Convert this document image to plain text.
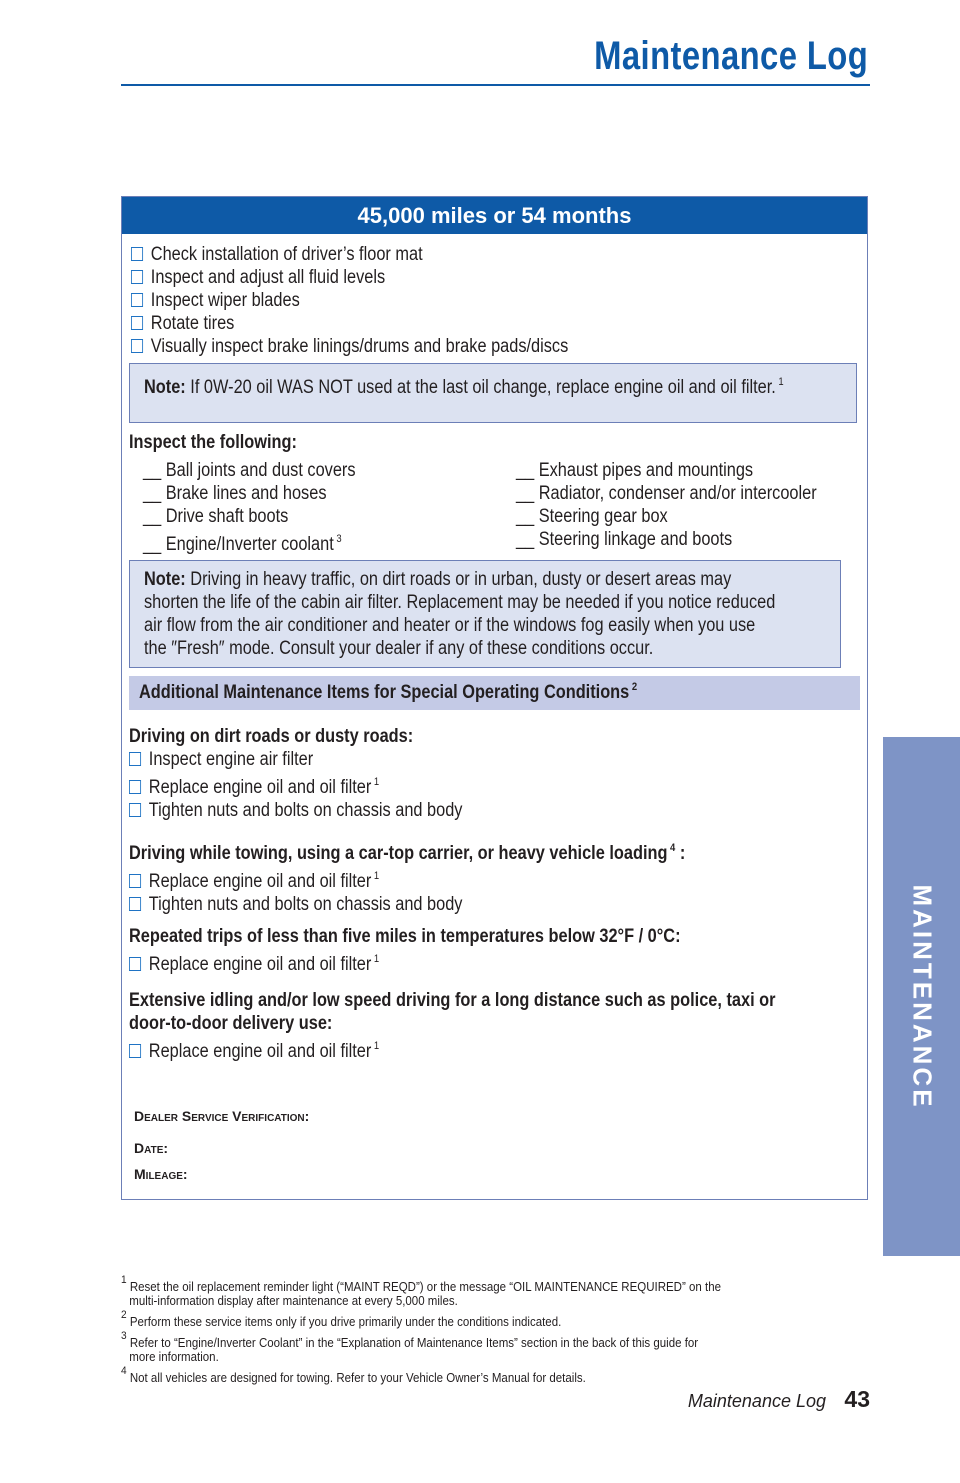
Maintenance Log
MAINTENANCE
45,000 miles or 54 months
Check installation of driver’s floor mat
Inspect and adjust all fluid levels
Inspect wiper blades
Rotate tires
Visually inspect brake linings/drums and brake pads/discs
Note: If 0W-20 oil WAS NOT used at the last oil change, replace engine oil and oil filter. $^1$
Inspect the following:
__ Ball joints and dust covers
__ Brake lines and hoses
__ Drive shaft boots
__ Engine/Inverter coolant $^3$
__ Exhaust pipes and mountings
__ Radiator, condenser and/or intercooler
__ Steering gear box
__ Steering linkage and boots
Note: Driving in heavy traffic, on dirt roads or in urban, dusty or desert areas may
shorten the life of the cabin air filter. Replacement may be needed if you notice reduced
air flow from the air conditioner and heater or if the windows fog easily when you use
the ″Fresh″ mode. Consult your dealer if any of these conditions occur.
Additional Maintenance Items for Special Operating Conditions $^2$
Driving on dirt roads or dusty roads:
Inspect engine air filter
Replace engine oil and oil filter $^1$
Tighten nuts and bolts on chassis and body
Driving while towing, using a car-top carrier, or heavy vehicle loading $^4$ :
Replace engine oil and oil filter $^1$
Tighten nuts and bolts on chassis and body
Repeated trips of less than five miles in temperatures below 32°F / 0°C:
Replace engine oil and oil filter $^1$
Extensive idling and/or low speed driving for a long distance such as police, taxi or
door-to-door delivery use:
Replace engine oil and oil filter $^1$
Dealer Service Verification:
Date:
Mileage:
$^1$ Reset the oil replacement reminder light (“MAINT REQD”) or the message “OIL MAINTENANCE REQUIRED” on the
multi-information display after maintenance at every 5,000 miles.
$^2$ Perform these service items only if you drive primarily under the conditions indicated.
$^3$ Refer to “Engine/Inverter Coolant” in the “Explanation of Maintenance Items” section in the back of this guide for
more information.
$^4$ Not all vehicles are designed for towing. Refer to your Vehicle Owner’s Manual for details.
Maintenance Log 43
